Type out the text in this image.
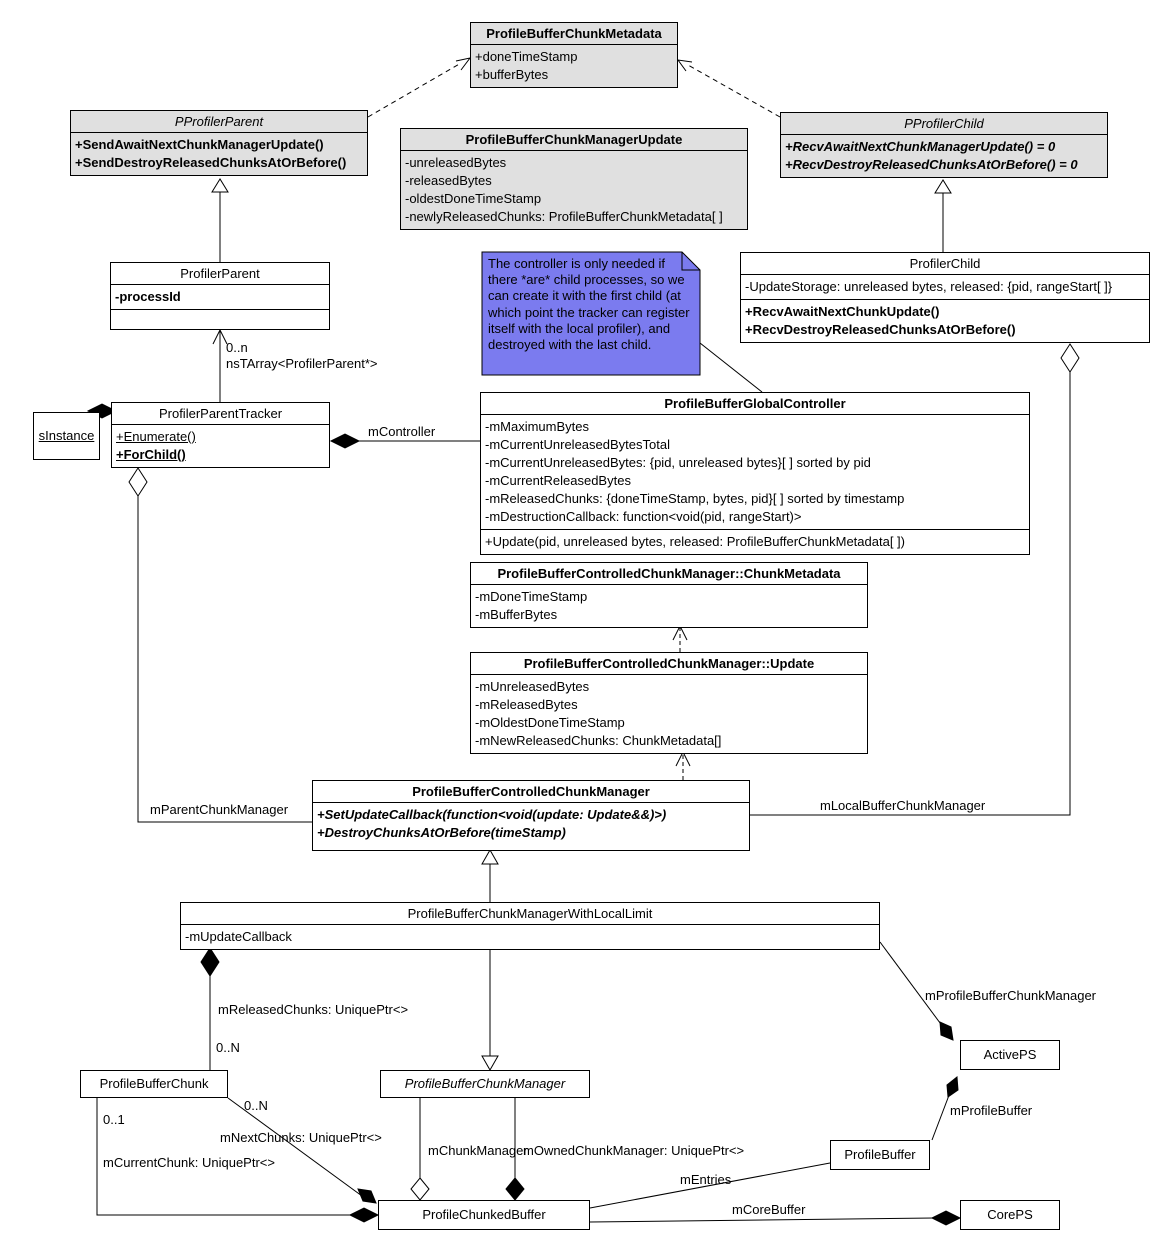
ProfileBufferChunkMetadata
+doneTimeStamp
+bufferBytes
PProfilerParent
+SendAwaitNextChunkManagerUpdate()
+SendDestroyReleasedChunksAtOrBefore()
ProfileBufferChunkManagerUpdate
-unreleasedBytes
-releasedBytes
-oldestDoneTimeStamp
-newlyReleasedChunks: ProfileBufferChunkMetadata[ ]
PProfilerChild
+RecvAwaitNextChunkManagerUpdate() = 0
+RecvDestroyReleasedChunksAtOrBefore() = 0
ProfilerParent
-processId
ProfilerChild
-UpdateStorage: unreleased bytes, released: {pid, rangeStart[ ]}
+RecvAwaitNextChunkUpdate()
+RecvDestroyReleasedChunksAtOrBefore()
ProfilerParentTracker
+Enumerate()
+ForChild()
sInstance
ProfileBufferGlobalController
-mMaximumBytes
-mCurrentUnreleasedBytesTotal
-mCurrentUnreleasedBytes: {pid, unreleased bytes}[ ] sorted by pid
-mCurrentReleasedBytes
-mReleasedChunks: {doneTimeStamp, bytes, pid}[ ] sorted by timestamp
-mDestructionCallback: function<void(pid, rangeStart)>
+Update(pid, unreleased bytes, released: ProfileBufferChunkMetadata[ ])
ProfileBufferControlledChunkManager::ChunkMetadata
-mDoneTimeStamp
-mBufferBytes
ProfileBufferControlledChunkManager::Update
-mUnreleasedBytes
-mReleasedBytes
-mOldestDoneTimeStamp
-mNewReleasedChunks: ChunkMetadata[]
ProfileBufferControlledChunkManager
+SetUpdateCallback(function<void(update: Update&&)>)
+DestroyChunksAtOrBefore(timeStamp)
ProfileBufferChunkManagerWithLocalLimit
-mUpdateCallback
ProfileBufferChunk	ProfileBufferChunkManager
ActivePS
ProfileBuffer
ProfileChunkedBuffer	CorePS
The controller is only needed if there *are* child processes, so we can create it with the first child (at which point the tracker can register itself with the local profiler), and destroyed with the last child.
0..n
nsTArray<ProfilerParent*>
mController
mParentChunkManager	mLocalBufferChunkManager
mReleasedChunks: UniquePtr<>
0..N
0..N
mNextChunks: UniquePtr<>
0..1
mCurrentChunk: UniquePtr<>
mChunkManager
mOwnedChunkManager: UniquePtr<>
mEntries
mCoreBuffer
mProfileBufferChunkManager
mProfileBuffer
